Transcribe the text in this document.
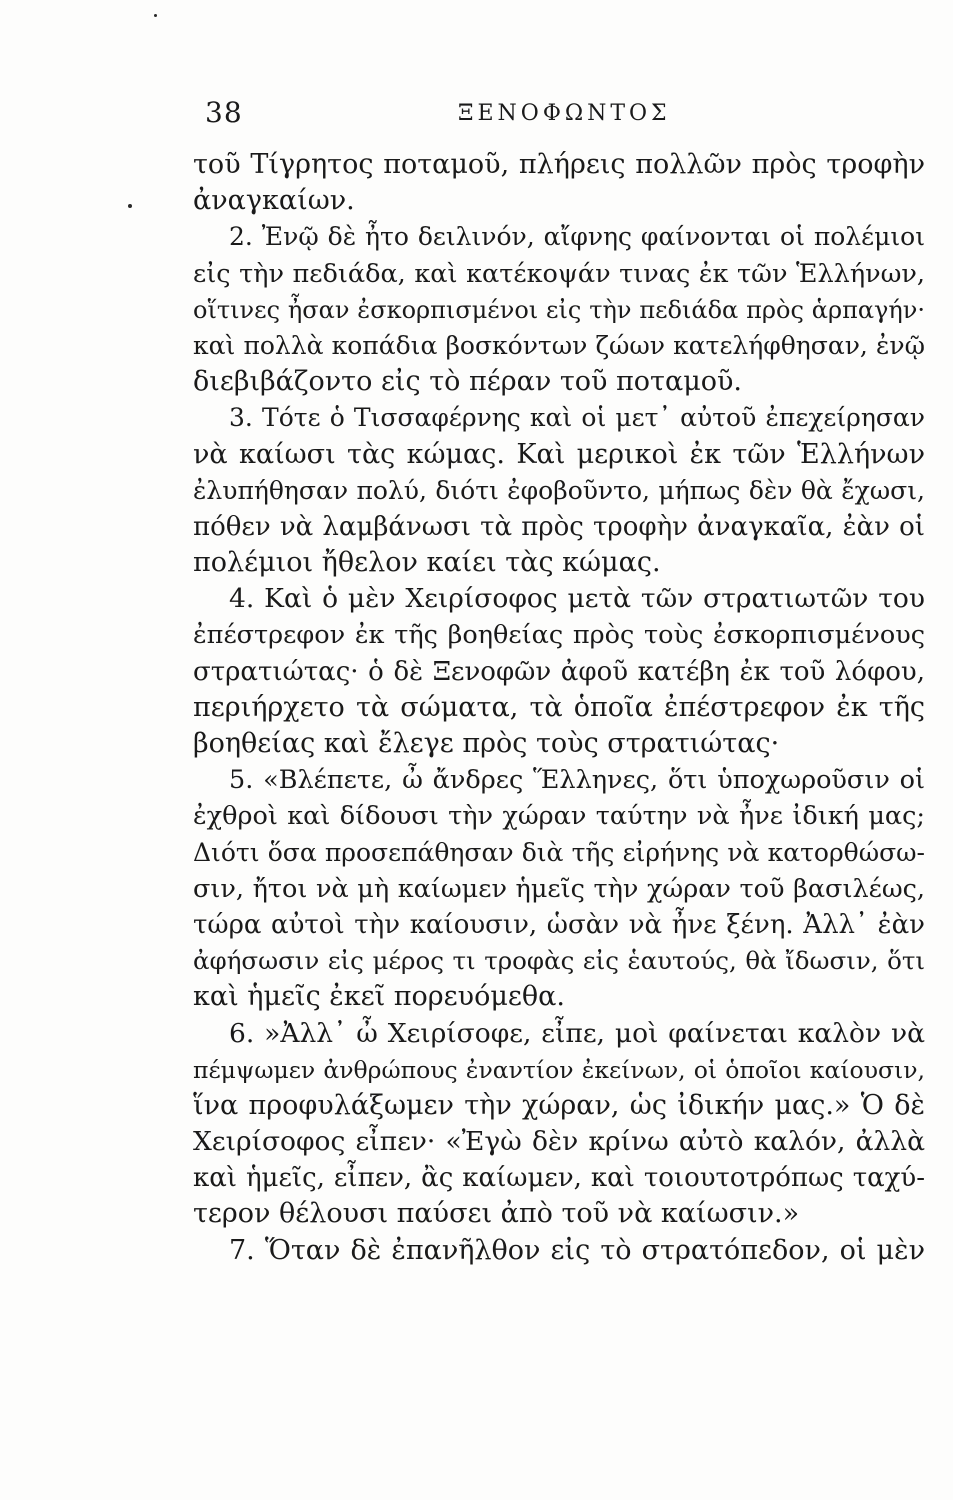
38	ΞΕΝΟΦΩΝΤΟΣ
τοῦ Τίγρητος ποταμοῦ, πλήρεις πολλῶν πρὸς τροφὴν
ἀναγκαίων.
2. Ἐνῷ δὲ ἦτο δειλινόν, αἴφνης φαίνονται οἱ πολέμιοι
εἰς τὴν πεδιάδα, καὶ κατέκοψάν τινας ἐκ τῶν Ἑλλήνων,
οἵτινες ἦσαν ἐσκορπισμένοι εἰς τὴν πεδιάδα πρὸς ἁρπαγήν·
καὶ πολλὰ κοπάδια βοσκόντων ζώων κατελήφθησαν, ἐνῷ
διεβιβάζοντο εἰς τὸ πέραν τοῦ ποταμοῦ.
3. Τότε ὁ Τισσαφέρνης καὶ οἱ μετ᾽ αὐτοῦ ἐπεχείρησαν
νὰ καίωσι τὰς κώμας. Καὶ μερικοὶ ἐκ τῶν Ἑλλήνων
ἐλυπήθησαν πολύ, διότι ἐφοβοῦντο, μήπως δὲν θὰ ἔχωσι,
πόθεν νὰ λαμβάνωσι τὰ πρὸς τροφὴν ἀναγκαῖα, ἐὰν οἱ
πολέμιοι ἤθελον καίει τὰς κώμας.
4. Καὶ ὁ μὲν Χειρίσοφος μετὰ τῶν στρατιωτῶν του
ἐπέστρεφον ἐκ τῆς βοηθείας πρὸς τοὺς ἐσκορπισμένους
στρατιώτας· ὁ δὲ Ξενοφῶν ἀφοῦ κατέβη ἐκ τοῦ λόφου,
περιήρχετο τὰ σώματα, τὰ ὁποῖα ἐπέστρεφον ἐκ τῆς
βοηθείας καὶ ἔλεγε πρὸς τοὺς στρατιώτας·
5. «Βλέπετε, ὦ ἄνδρες Ἕλληνες, ὅτι ὑποχωροῦσιν οἱ
ἐχθροὶ καὶ δίδουσι τὴν χώραν ταύτην νὰ ἦνε ἰδική μας;
Διότι ὅσα προσεπάθησαν διὰ τῆς εἰρήνης νὰ κατορθώσω-
σιν, ἤτοι νὰ μὴ καίωμεν ἡμεῖς τὴν χώραν τοῦ βασιλέως,
τώρα αὐτοὶ τὴν καίουσιν, ὡσὰν νὰ ἦνε ξένη. Ἀλλ᾽ ἐὰν
ἀφήσωσιν εἰς μέρος τι τροφὰς εἰς ἑαυτούς, θὰ ἴδωσιν, ὅτι
καὶ ἡμεῖς ἐκεῖ πορευόμεθα.
6. »Ἀλλ᾽ ὦ Χειρίσοφε, εἶπε, μοὶ φαίνεται καλὸν νὰ
πέμψωμεν ἀνθρώπους ἐναντίον ἐκείνων, οἱ ὁποῖοι καίουσιν,
ἵνα προφυλάξωμεν τὴν χώραν, ὡς ἰδικήν μας.» Ὁ δὲ
Χειρίσοφος εἶπεν· «Ἐγὼ δὲν κρίνω αὐτὸ καλόν, ἀλλὰ
καὶ ἡμεῖς, εἶπεν, ἂς καίωμεν, καὶ τοιουτοτρόπως ταχύ-
τερον θέλουσι παύσει ἀπὸ τοῦ νὰ καίωσιν.»
7. Ὅταν δὲ ἐπανῆλθον εἰς τὸ στρατόπεδον, οἱ μὲν
